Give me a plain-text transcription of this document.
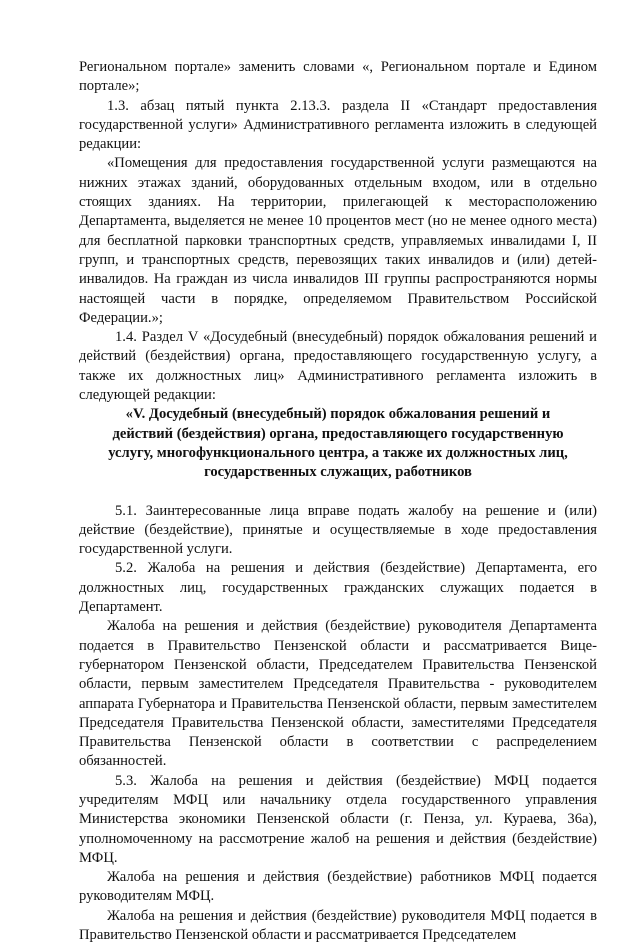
Региональном портале» заменить словами «, Региональном портале и Едином портале»;

1.3. абзац пятый пункта 2.13.3. раздела II «Стандарт предоставления государственной услуги» Административного регламента изложить в следующей редакции:

«Помещения для предоставления государственной услуги размещаются на нижних этажах зданий, оборудованных отдельным входом, или в отдельно стоящих зданиях. На территории, прилегающей к месторасположению Департамента, выделяется не менее 10 процентов мест (но не менее одного места) для бесплатной парковки транспортных средств, управляемых инвалидами I, II групп, и транспортных средств, перевозящих таких инвалидов и (или) детей-инвалидов. На граждан из числа инвалидов III группы распространяются нормы настоящей части в порядке, определяемом Правительством Российской Федерации.»;

1.4. Раздел V «Досудебный (внесудебный) порядок обжалования решений и действий (бездействия) органа, предоставляющего государственную услугу, а также их должностных лиц» Административного регламента изложить в следующей редакции:

«V. Досудебный (внесудебный) порядок обжалования решений и действий (бездействия) органа, предоставляющего государственную услугу, многофункционального центра, а также их должностных лиц, государственных служащих, работников

5.1. Заинтересованные лица вправе подать жалобу на решение и (или) действие (бездействие), принятые и осуществляемые в ходе предоставления государственной услуги.

5.2. Жалоба на решения и действия (бездействие) Департамента, его должностных лиц, государственных гражданских служащих подается в Департамент.

Жалоба на решения и действия (бездействие) руководителя Департамента подается в Правительство Пензенской области и рассматривается Вице-губернатором Пензенской области, Председателем Правительства Пензенской области, первым заместителем Председателя Правительства - руководителем аппарата Губернатора и Правительства Пензенской области, первым заместителем Председателя Правительства Пензенской области, заместителями Председателя Правительства Пензенской области в соответствии с распределением обязанностей.

5.3. Жалоба на решения и действия (бездействие) МФЦ подается учредителям МФЦ или начальнику отдела государственного управления Министерства экономики Пензенской области (г. Пенза, ул. Кураева, 36а), уполномоченному на рассмотрение жалоб на решения и действия (бездействие) МФЦ.

Жалоба на решения и действия (бездействие) работников МФЦ подается руководителям МФЦ.

Жалоба на решения и действия (бездействие) руководителя МФЦ подается в Правительство Пензенской области и рассматривается Председателем
